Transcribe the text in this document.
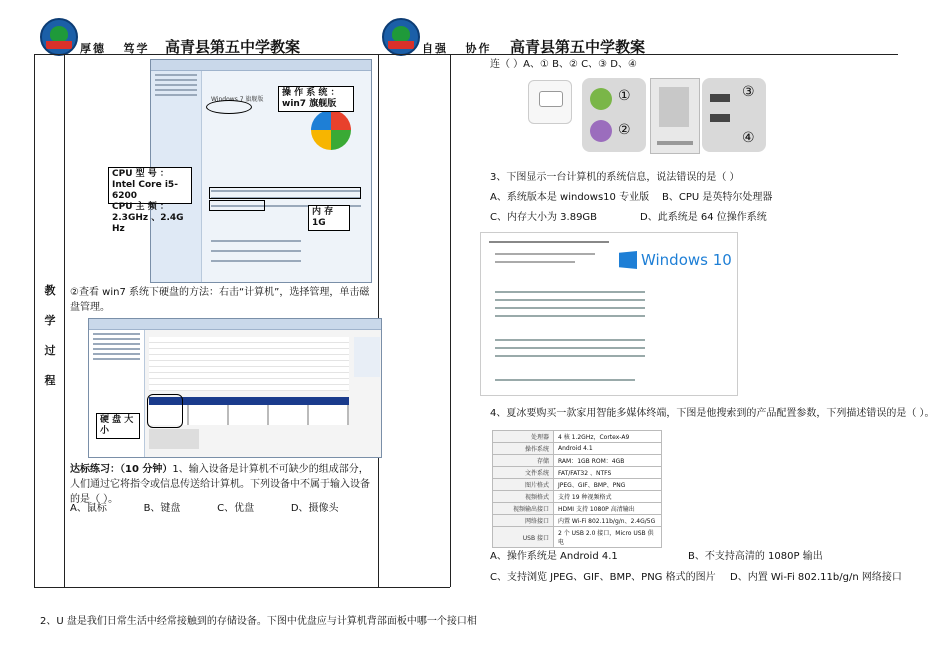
厚德 笃学 高青县第五中学教案	自强 协作 高青县第五中学教案
教
学
过
程
Windows 7 旗舰版
操 作 系 统 ： win7 旗舰版
CPU 型 号 ： Intel Core i5-6200
CPU 主 频 ： 2.3GHz 、2.4G Hz
内 存 1G
②查看 win7 系统下硬盘的方法：右击“计算机”，选择管理，单击磁盘管理。
硬 盘 大 小
达标练习：（10 分钟）1、输入设备是计算机不可缺少的组成部分，人们通过它将指令或信息传送给计算机。下列设备中不属于输入设备的是（ ）。
A、鼠标	B、键盘	C、优盘	D、摄像头
2、U 盘是我们日常生活中经常接触到的存储设备。下图中优盘应与计算机背部面板中哪一个接口相
连（ ）A、① B、② C、③ D、④
①
②
③
④
3、下图显示一台计算机的系统信息，说法错误的是（ ）
A、系统版本是 windows10 专业版 B、CPU 是英特尔处理器
C、内存大小为 3.89GB	D、此系统是 64 位操作系统
Windows 10
4、夏冰要购买一款家用智能多媒体终端，下图是他搜索到的产品配置参数，下列描述错误的是（ ）。
处理器	4 核 1.2GHz，Cortex-A9
操作系统	Android 4.1
存储	RAM：1GB ROM：4GB
文件系统	FAT/FAT32 、NTFS
图片格式	JPEG、GIF、BMP、PNG
视频格式	支持 19 种视频格式
视频输出接口	HDMI 支持 1080P 高清输出
网络接口	内置 Wi-Fi 802.11b/g/n、2.4G/5G
USB 接口	2 个 USB 2.0 接口，Micro USB 供电
A、操作系统是 Android 4.1	B、不支持高清的 1080P 输出
C、支持浏览 JPEG、GIF、BMP、PNG 格式的图片 D、内置 Wi-Fi 802.11b/g/n 网络接口
